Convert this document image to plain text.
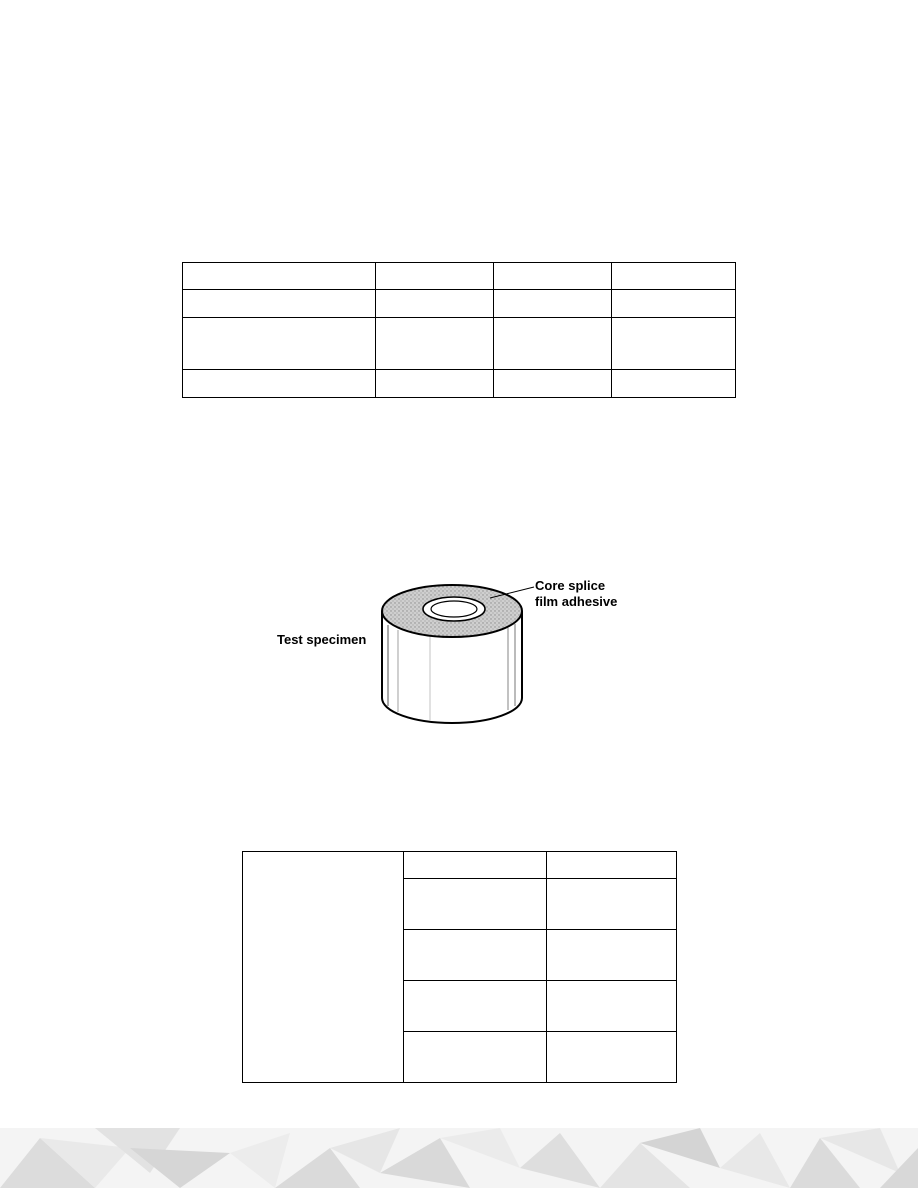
Core splice
film adhesive
Test specimen
